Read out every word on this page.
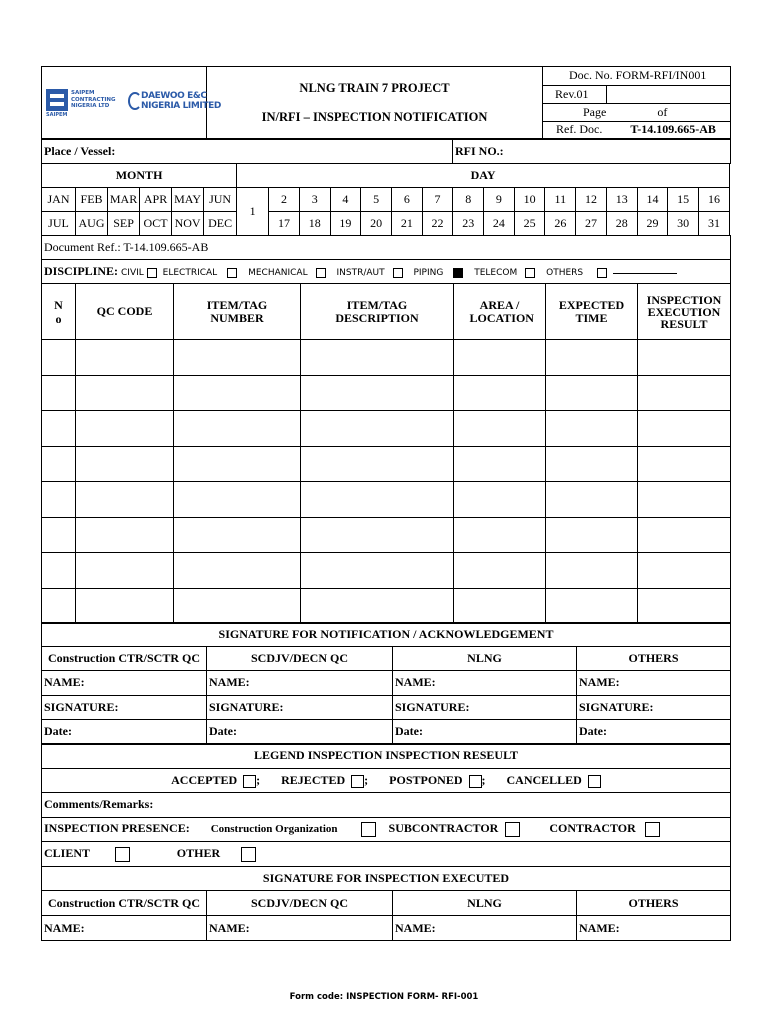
SAIPEM
SAIPEM
CONTRACTING
NIGERIA LTD
DAEWOO E&C
NIGERIA LIMITED

NLNG TRAIN 7 PROJECT
IN/RFI – INSPECTION NOTIFICATION

Doc. No. FORM-RFI/IN001
Rev.01	
Page	of
Ref. Doc. T-14.109.665-AB
Place / Vessel:	RFI NO.:
MONTH						DAY															
JAN	FEB	MAR	APR	MAY	JUN	1	2	3	4	5	6	7	8	9	10	11	12	13	14	15	16
JUL	AUG	SEP	OCT	NOV	DEC		17	18	19	20	21	22	23	24	25	26	27	28	29	30	31
Document Ref.: T-14.109.665-AB
DISCIPLINE: CIVIL ELECTRICAL	MECHANICAL	INSTR/AUT	PIPING	TELECOM	OTHERS
No	QC CODE	ITEM/TAG NUMBER	ITEM/TAG DESCRIPTION	AREA / LOCATION	EXPECTED TIME	INSPECTION EXECUTION RESULT

SIGNATURE FOR NOTIFICATION / ACKNOWLEDGEMENT			
Construction CTR/SCTR QC	SCDJV/DECN QC	NLNG	OTHERS
NAME:	NAME:	NAME:	NAME:
SIGNATURE:	SIGNATURE:	SIGNATURE:	SIGNATURE:
Date:	Date:	Date:	Date:
LEGEND INSPECTION INSPECTION RESEULT
ACCEPTED ; REJECTED ; POSTPONED ; CANCELLED
Comments/Remarks:
INSPECTION PRESENCE: Construction Organization	SUBCONTRACTOR	CONTRACTOR
CLIENT	OTHER
SIGNATURE FOR INSPECTION EXECUTED
Construction CTR/SCTR QC	SCDJV/DECN QC	NLNG	OTHERS
NAME:	NAME:	NAME:	NAME:
Form code: INSPECTION FORM- RFI-001
